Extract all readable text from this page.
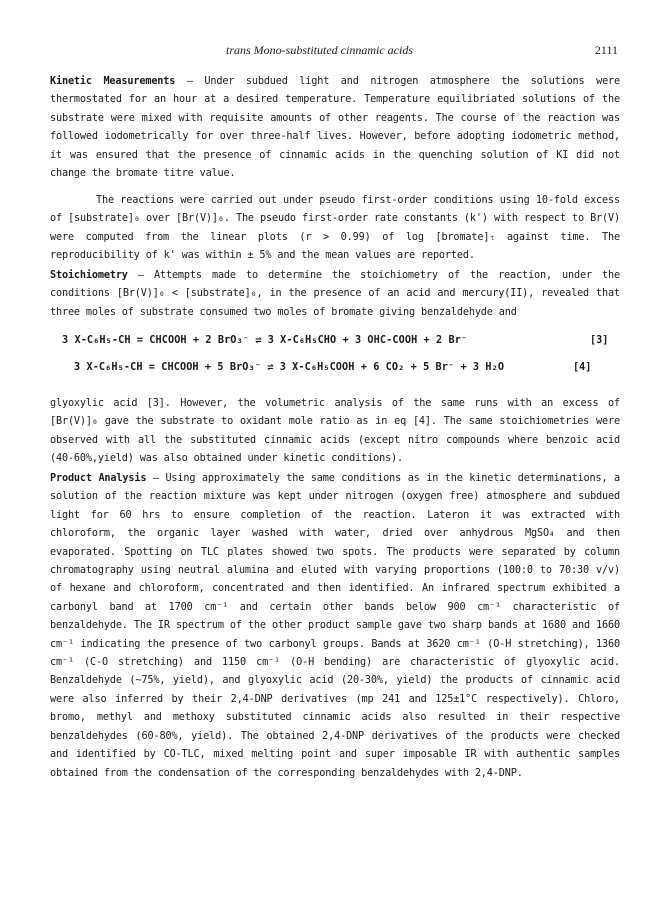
trans Mono-substituted cinnamic acids	2111

Kinetic Measurements — Under subdued light and nitrogen atmosphere the solutions were thermostated for an hour at a desired temperature. Temperature equilibriated solutions of the substrate were mixed with requisite amounts of other reagents. The course of the reaction was followed iodometrically for over three-half lives. However, before adopting iodometric method, it was ensured that the presence of cinnamic acids in the quenching solution of KI did not change the bromate titre value.

The reactions were carried out under pseudo first-order conditions using 10-fold excess of [substrate]₀ over [Br(V)]₀. The pseudo first-order rate constants (k') with respect to Br(V) were computed from the linear plots (r > 0.99) of log [bromate]ₜ against time. The reproducibility of k' was within ± 5% and the mean values are reported.

Stoichiometry — Attempts made to determine the stoichiometry of the reaction, under the conditions [Br(V)]₀ < [substrate]₀, in the presence of an acid and mercury(II), revealed that three moles of substrate consumed two moles of bromate giving benzaldehyde and

3 X-C₆H₅-CH = CHCOOH + 2 BrO₃⁻ ⇌ 3 X-C₆H₅CHO + 3 OHC-COOH + 2 Br⁻	[3]
3 X-C₆H₅-CH = CHCOOH + 5 BrO₃⁻ ⇌ 3 X-C₆H₅COOH + 6 CO₂ + 5 Br⁻ + 3 H₂O	[4]

glyoxylic acid [3]. However, the volumetric analysis of the same runs with an excess of [Br(V)]₀ gave the substrate to oxidant mole ratio as in eq [4]. The same stoichiometries were observed with all the substituted cinnamic acids (except nitro compounds where benzoic acid (40-60%,yield) was also obtained under kinetic conditions).

Product Analysis — Using approximately the same conditions as in the kinetic determinations, a solution of the reaction mixture was kept under nitrogen (oxygen free) atmosphere and subdued light for 60 hrs to ensure completion of the reaction. Lateron it was extracted with chloroform, the organic layer washed with water, dried over anhydrous MgSO₄ and then evaporated. Spotting on TLC plates showed two spots. The products were separated by column chromatography using neutral alumina and eluted with varying proportions (100:0 to 70:30 v/v) of hexane and chloroform, concentrated and then identified. An infrared spectrum exhibited a carbonyl band at 1700 cm⁻¹ and certain other bands below 900 cm⁻¹ characteristic of benzaldehyde. The IR spectrum of the other product sample gave two sharp bands at 1680 and 1660 cm⁻¹ indicating the presence of two carbonyl groups. Bands at 3620 cm⁻¹ (O-H stretching), 1360 cm⁻¹ (C-O stretching) and 1150 cm⁻¹ (O-H bending) are characteristic of glyoxylic acid. Benzaldehyde (~75%, yield), and glyoxylic acid (20-30%, yield) the products of cinnamic acid were also inferred by their 2,4-DNP derivatives (mp 241 and 125±1°C respectively). Chloro, bromo, methyl and methoxy substituted cinnamic acids also resulted in their respective benzaldehydes (60-80%, yield). The obtained 2,4-DNP derivatives of the products were checked and identified by CO-TLC, mixed melting point and super imposable IR with authentic samples obtained from the condensation of the corresponding benzaldehydes with 2,4-DNP.
